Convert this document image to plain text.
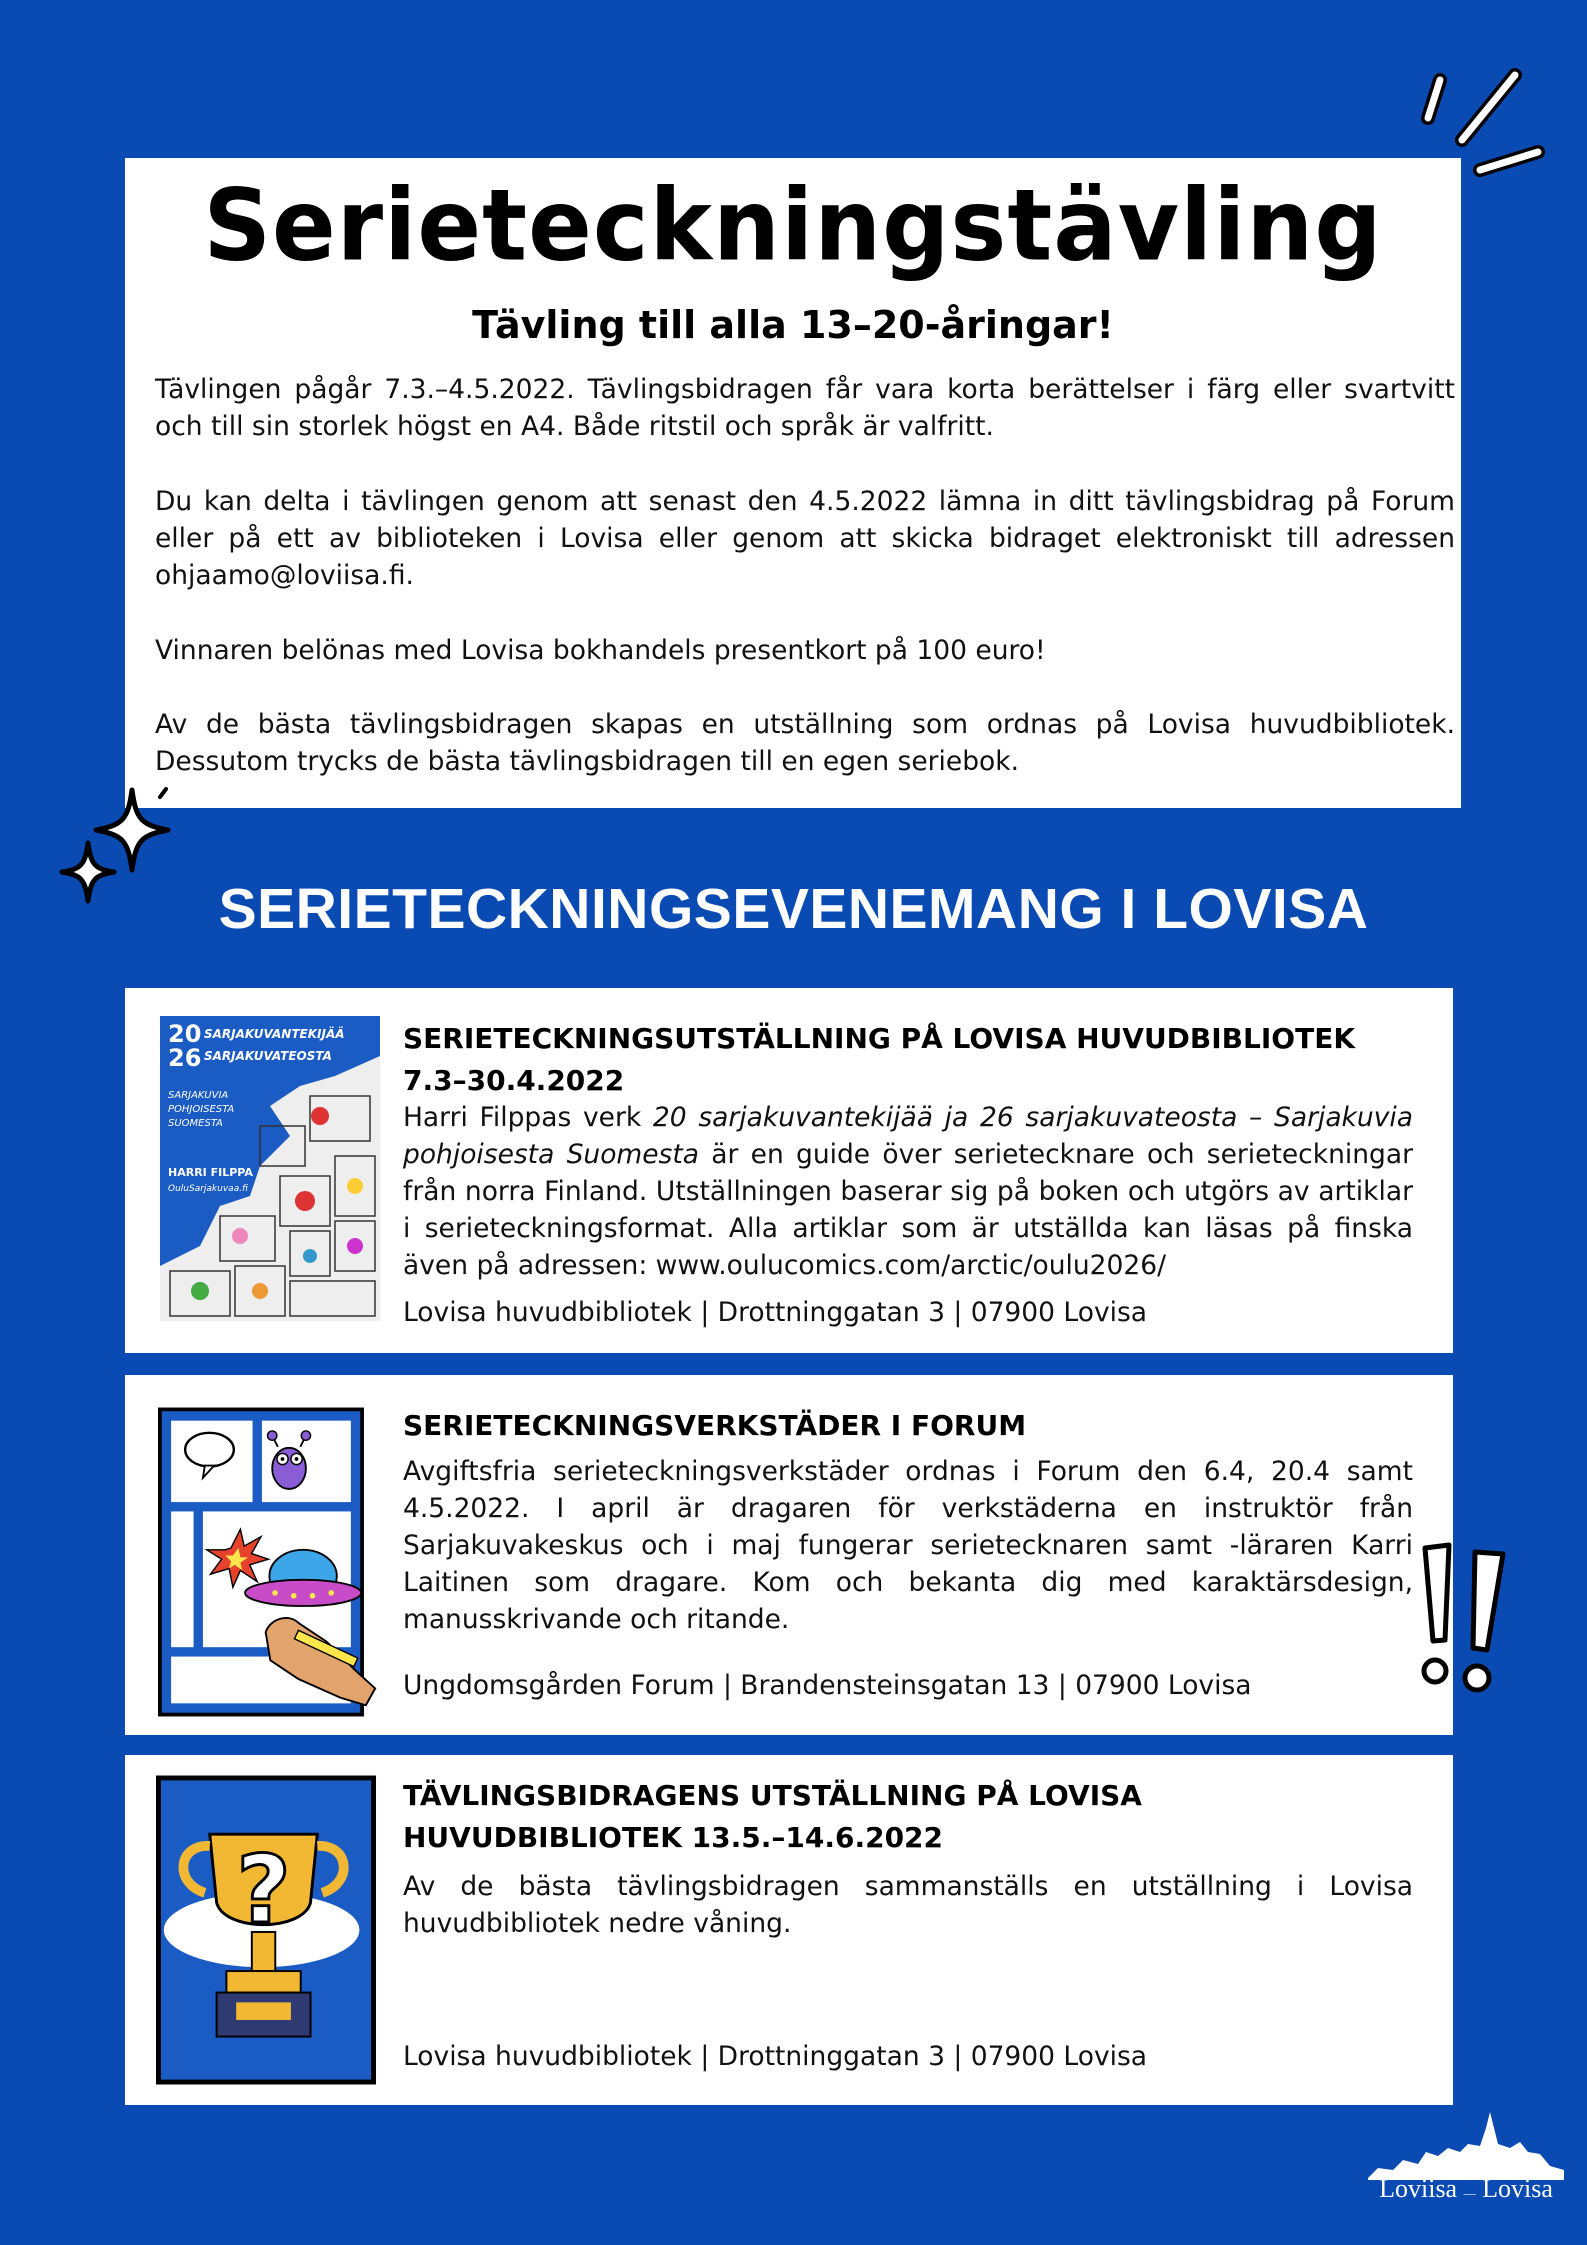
Serieteckningstävling
Tävling till alla 13–20-åringar!
Tävlingen pågår 7.3.–4.5.2022. Tävlingsbidragen får vara korta berättelser i färg eller svartvitt och till sin storlek högst en A4. Både ritstil och språk är valfritt.
Du kan delta i tävlingen genom att senast den 4.5.2022 lämna in ditt tävlingsbidrag på Forum eller på ett av biblioteken i Lovisa eller genom att skicka bidraget elektroniskt till adressen ohjaamo@loviisa.fi.
Vinnaren belönas med Lovisa bokhandels presentkort på 100 euro!
Av de bästa tävlingsbidragen skapas en utställning som ordnas på Lovisa huvudbibliotek. Dessutom trycks de bästa tävlingsbidragen till en egen seriebok.
SERIETECKNINGSEVENEMANG I LOVISA
20
26
SARJAKUVANTEKIJÄÄ
SARJAKUVATEOSTA
SARJAKUVIA
POHJOISESTA
SUOMESTA
HARRI FILPPA
OuluSarjakuvaa.fi
SERIETECKNINGSUTSTÄLLNING PÅ LOVISA HUVUDBIBLIOTEK 7.3–30.4.2022
Harri Filppas verk 20 sarjakuvantekijää ja 26 sarjakuvateosta – Sarjakuvia pohjoisesta Suomesta är en guide över serietecknare och serieteckningar från norra Finland. Utställningen baserar sig på boken och utgörs av artiklar i serieteckningsformat. Alla artiklar som är utställda kan läsas på finska även på adressen: www.oulucomics.com/arctic/oulu2026/
Lovisa huvudbibliotek | Drottninggatan 3 | 07900 Lovisa
SERIETECKNINGSVERKSTÄDER I FORUM
Avgiftsfria serieteckningsverkstäder ordnas i Forum den 6.4, 20.4 samt 4.5.2022. I april är dragaren för verkstäderna en instruktör från Sarjakuvakeskus och i maj fungerar serietecknaren samt -läraren Karri Laitinen som dragare. Kom och bekanta dig med karaktärsdesign, manusskrivande och ritande.
Ungdomsgården Forum | Brandensteinsgatan 13 | 07900 Lovisa
?
TÄVLINGSBIDRAGENS UTSTÄLLNING PÅ LOVISA HUVUDBIBLIOTEK 13.5.–14.6.2022
Av de bästa tävlingsbidragen sammanställs en utställning i Lovisa huvudbibliotek nedre våning.
Lovisa huvudbibliotek | Drottninggatan 3 | 07900 Lovisa
Loviisa — Lovisa
